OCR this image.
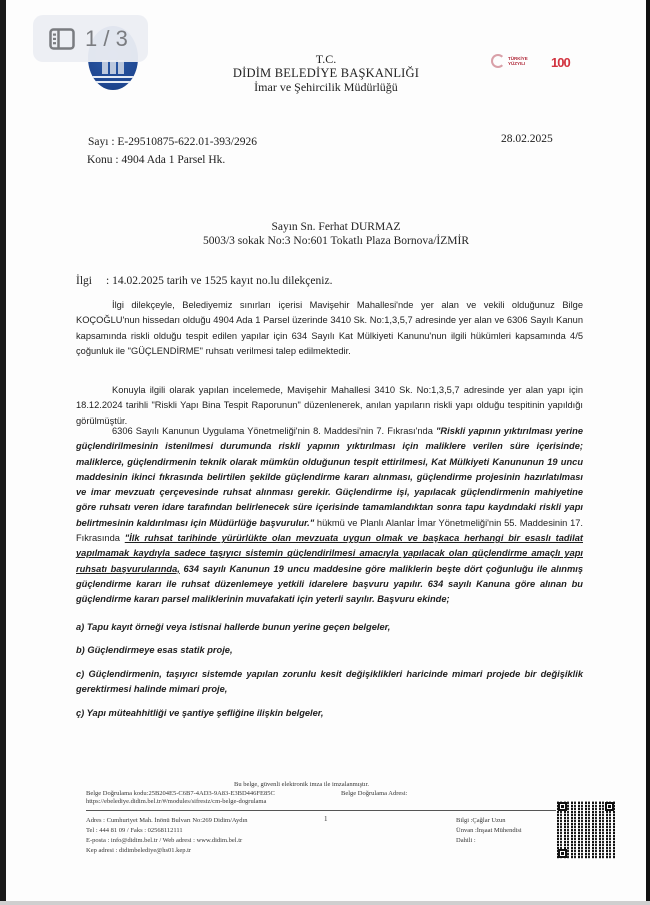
T.C.
DİDİM BELEDİYE BAŞKANLIĞI
İmar ve Şehircilik Müdürlüğü
TÜRKİYE
YÜZYILI 100
Sayı : E-29510875-622.01-393/2926
Konu : 4904 Ada 1 Parsel Hk.
28.02.2025
Sayın Sn. Ferhat DURMAZ
5003/3 sokak No:3 No:601 Tokatlı Plaza Bornova/İZMİR
İlgi : 14.02.2025 tarih ve 1525 kayıt no.lu dilekçeniz.

İlgi dilekçeyle, Belediyemiz sınırları içerisi Mavişehir Mahallesi'nde yer alan ve vekili olduğunuz Bilge KOÇOĞLU'nun hissedarı olduğu 4904 Ada 1 Parsel üzerinde 3410 Sk. No:1,3,5,7 adresinde yer alan ve 6306 Sayılı Kanun kapsamında riskli olduğu tespit edilen yapılar için 634 Sayılı Kat Mülkiyeti Kanunu'nun ilgili hükümleri kapsamında 4/5 çoğunluk ile "GÜÇLENDİRME" ruhsatı verilmesi talep edilmektedir.

Konuyla ilgili olarak yapılan incelemede, Mavişehir Mahallesi 3410 Sk. No:1,3,5,7 adresinde yer alan yapı için 18.12.2024 tarihli "Riskli Yapı Bina Tespit Raporunun" düzenlenerek, anılan yapıların riskli yapı olduğu tespitinin yapıldığı görülmüştür.

6306 Sayılı Kanunun Uygulama Yönetmeliği'nin 8. Maddesi'nin 7. Fıkrası'nda "Riskli yapının yıktırılması yerine güçlendirilmesinin istenilmesi durumunda riskli yapının yıktırılması için maliklere verilen süre içerisinde; maliklerce, güçlendirmenin teknik olarak mümkün olduğunun tespit ettirilmesi, Kat Mülkiyeti Kanununun 19 uncu maddesinin ikinci fıkrasında belirtilen şekilde güçlendirme kararı alınması, güçlendirme projesinin hazırlatılması ve imar mevzuatı çerçevesinde ruhsat alınması gerekir. Güçlendirme işi, yapılacak güçlendirmenin mahiyetine göre ruhsatı veren idare tarafından belirlenecek süre içerisinde tamamlandıktan sonra tapu kaydındaki riskli yapı belirtmesinin kaldırılması için Müdürlüğe başvurulur." hükmü ve Planlı Alanlar İmar Yönetmeliği'nin 55. Maddesinin 17. Fıkrasında "İlk ruhsat tarihinde yürürlükte olan mevzuata uygun olmak ve başkaca herhangi bir esaslı tadilat yapılmamak kaydıyla sadece taşıyıcı sistemin güçlendirilmesi amacıyla yapılacak olan güçlendirme amaçlı yapı ruhsatı başvurularında, 634 sayılı Kanunun 19 uncu maddesine göre maliklerin beşte dört çoğunluğu ile alınmış güçlendirme kararı ile ruhsat düzenlemeye yetkili idarelere başvuru yapılır. 634 sayılı Kanuna göre alınan bu güçlendirme kararı parsel maliklerinin muvafakati için yeterli sayılır. Başvuru ekinde;

a) Tapu kayıt örneği veya istisnai hallerde bunun yerine geçen belgeler,
b) Güçlendirmeye esas statik proje,
c) Güçlendirmenin, taşıyıcı sistemde yapılan zorunlu kesit değişiklikleri haricinde mimari projede bir değişiklik gerektirmesi halinde mimari proje,
ç) Yapı müteahhitliği ve şantiye şefliğine ilişkin belgeler,
Bu belge, güvenli elektronik imza ile imzalanmıştır.
Belge Doğrulama kodu:25B204E5-C6B7-4AD3-9A83-E3BD446FE85C	Belge Doğrulama Adresi:
https://ebelediye.didim.bel.tr/#/modules/sifresiz/cm-belge-dogrulama
Adres : Cumhuriyet Mah. İnönü Bulvarı No:269 Didim/Aydın
Tel : 444 81 09 / Faks : 02568112111
E-posta : info@didim.bel.tr / Web adresi : www.didim.bel.tr
Kep adresi : didimbelediye@hs01.kep.tr
1	Bilgi :Çağlar Uzun
Ünvan :İnşaat Mühendisi
Dahili :
1 / 3
